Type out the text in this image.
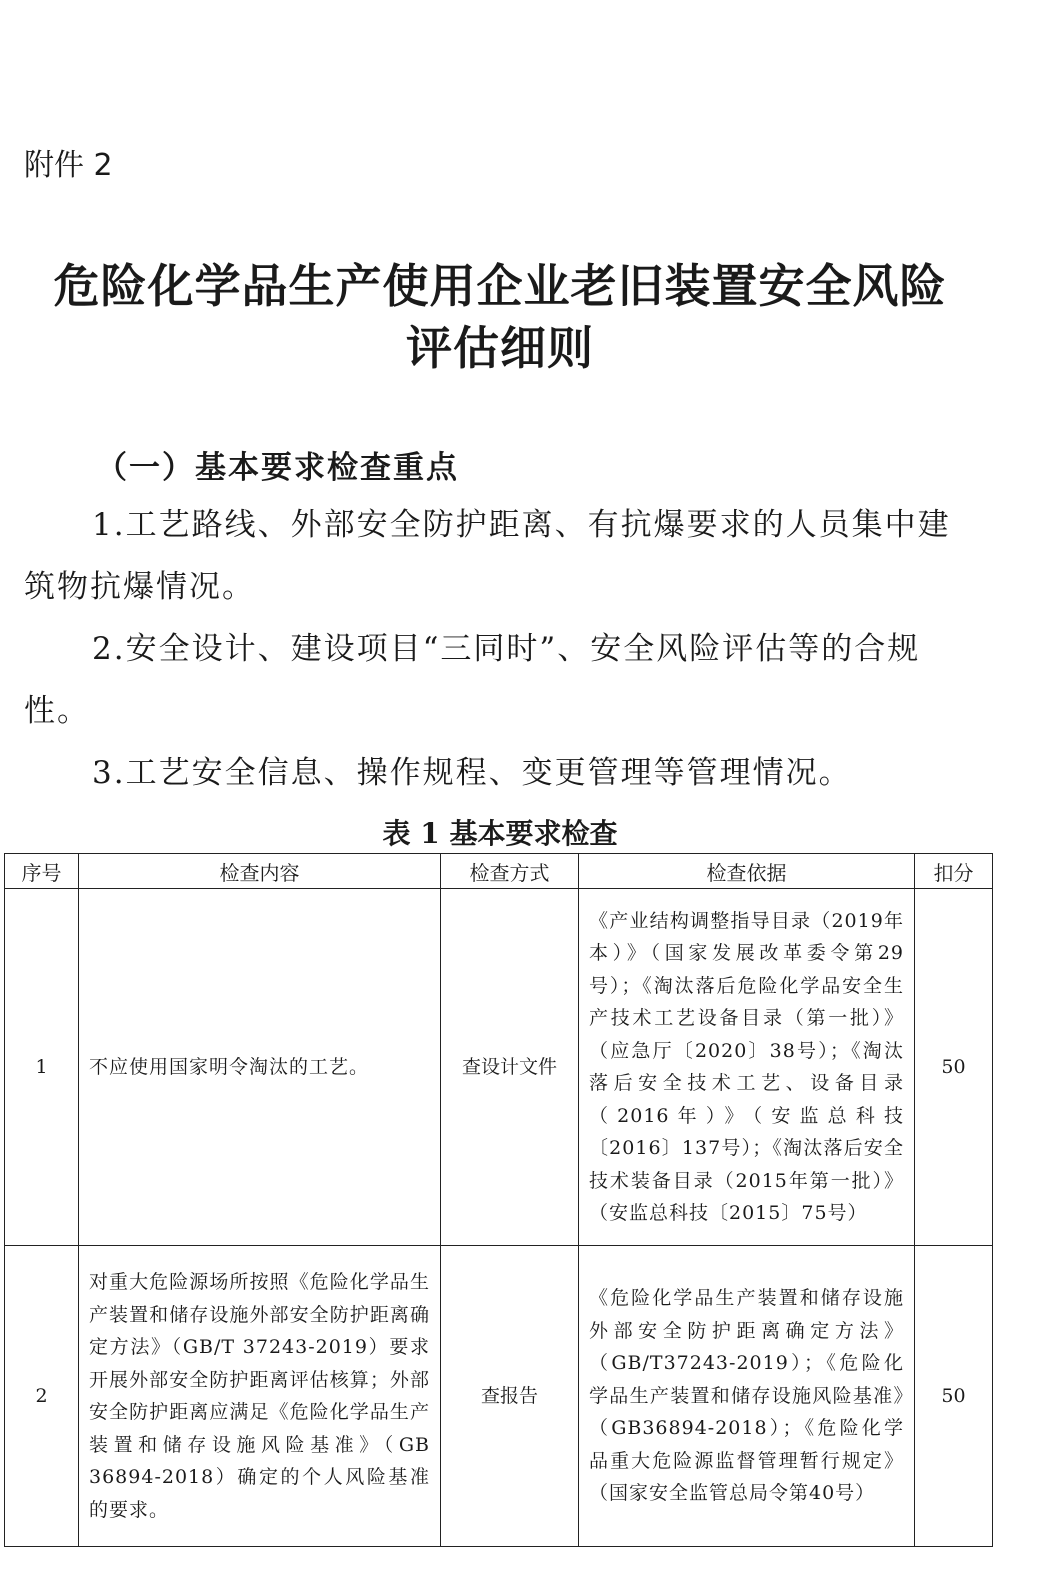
附件 2
危险化学品生产使用企业老旧装置安全风险
评估细则
（一）基本要求检查重点
1.工艺路线、外部安全防护距离、有抗爆要求的人员集中建筑物抗爆情况。
2.安全设计、建设项目“三同时”、安全风险评估等的合规性。
3.工艺安全信息、操作规程、变更管理等管理情况。
表 1 基本要求检查
序号	检查内容	检查方式	检查依据	扣分
1	不应使用国家明令淘汰的工艺。	查设计文件	《产业结构调整指导目录（2019年本）》（国家发展改革委令第29号）；《淘汰落后危险化学品安全生产技术工艺设备目录（第一批）》（应急厅〔2020〕38号）；《淘汰落后安全技术工艺、设备目录（2016年）》（安监总科技〔2016〕137号）；《淘汰落后安全技术装备目录（2015年第一批）》（安监总科技〔2015〕75号）	50
2	对重大危险源场所按照《危险化学品生产装置和储存设施外部安全防护距离确定方法》（GB/T 37243-2019）要求开展外部安全防护距离评估核算；外部安全防护距离应满足《危险化学品生产装置和储存设施风险基准》（GB 36894-2018）确定的个人风险基准的要求。	查报告	《危险化学品生产装置和储存设施外部安全防护距离确定方法》（GB/T37243-2019）；《危险化学品生产装置和储存设施风险基准》（GB36894-2018）；《危险化学品重大危险源监督管理暂行规定》（国家安全监管总局令第40号）	50
